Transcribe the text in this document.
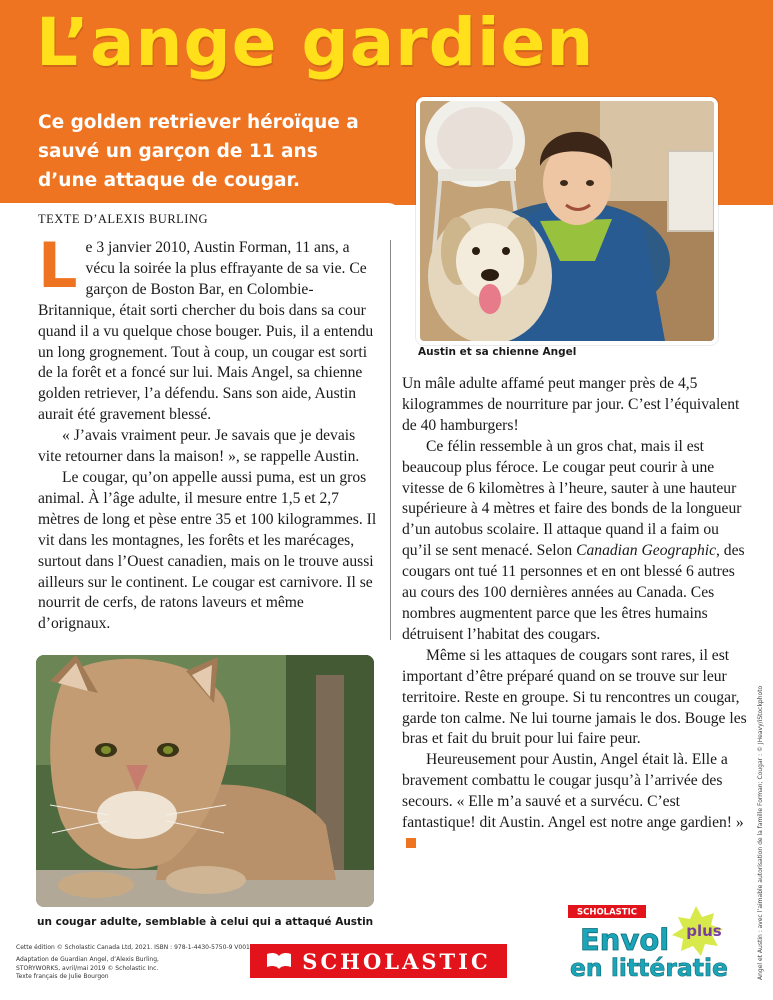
L’ange gardien
Ce golden retriever héroïque a sauvé un garçon de 11 ans d’une attaque de cougar.
Austin et sa chienne Angel
TEXTE D’ALEXIS BURLING

Le 3 janvier 2010, Austin Forman, 11 ans, a vécu la soirée la plus effrayante de sa vie. Ce garçon de Boston Bar, en Colombie-Britannique, était sorti chercher du bois dans sa cour quand il a vu quelque chose bouger. Puis, il a entendu un long grognement. Tout à coup, un cougar est sorti de la forêt et a foncé sur lui. Mais Angel, sa chienne golden retriever, l’a défendu. Sans son aide, Austin aurait été gravement blessé.

« J’avais vraiment peur. Je savais que je devais vite retourner dans la maison! », se rappelle Austin.

Le cougar, qu’on appelle aussi puma, est un gros animal. À l’âge adulte, il mesure entre 1,5 et 2,7 mètres de long et pèse entre 35 et 100 kilogrammes. Il vit dans les montagnes, les forêts et les marécages, surtout dans l’Ouest canadien, mais on le trouve aussi ailleurs sur le continent. Le cougar est carnivore. Il se nourrit de cerfs, de ratons laveurs et même d’orignaux.

Un mâle adulte affamé peut manger près de 4,5 kilogrammes de nourriture par jour. C’est l’équivalent de 40 hamburgers!

Ce félin ressemble à un gros chat, mais il est beaucoup plus féroce. Le cougar peut courir à une vitesse de 6 kilomètres à l’heure, sauter à une hauteur supérieure à 4 mètres et faire des bonds de la longueur d’un autobus scolaire. Il attaque quand il a faim ou qu’il se sent menacé. Selon Canadian Geographic, des cougars ont tué 11 personnes et en ont blessé 6 autres au cours des 100 dernières années au Canada. Ces nombres augmentent parce que les êtres humains détruisent l’habitat des cougars.

Même si les attaques de cougars sont rares, il est important d’être préparé quand on se trouve sur leur territoire. Reste en groupe. Si tu rencontres un cougar, garde ton calme. Ne lui tourne jamais le dos. Bouge les bras et fait du bruit pour lui faire peur.

Heureusement pour Austin, Angel était là. Elle a bravement combattu le cougar jusqu’à l’arrivée des secours. « Elle m’a sauvé et a survécu. C’est fantastique! dit Austin. Angel est notre ange gardien! »

un cougar adulte, semblable à celui qui a attaqué Austin
Cette édition © Scholastic Canada Ltd, 2021. ISBN : 978-1-4430-5750-9 V001
Adaptation de Guardian Angel, d’Alexis Burling,
STORYWORKS, avril/mai 2019 © Scholastic Inc.
Texte français de Julie Bourgon
SCHOLASTIC
SCHOLASTIC
Envol plus
en littératie	Angel et Austin : avec l’aimable autorisation de la famille Forman; Cougar : © JHeavy/iStockphoto
